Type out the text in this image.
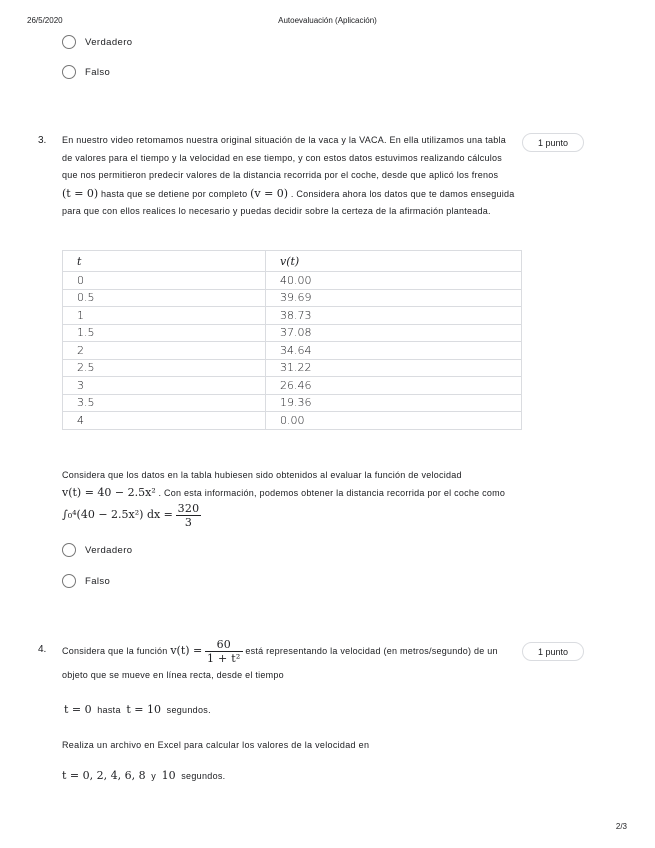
26/5/2020	Autoevaluación (Aplicación)
Verdadero
Falso
3.	1 punto
En nuestro video retomamos nuestra original situación de la vaca y la VACA. En ella utilizamos una tabla de valores para el tiempo y la velocidad en ese tiempo, y con estos datos estuvimos realizando cálculos que nos permitieron predecir valores de la distancia recorrida por el coche, desde que aplicó los frenos (t = 0) hasta que se detiene por completo (v = 0) . Considera ahora los datos que te damos enseguida para que con ellos realices lo necesario y puedas decidir sobre la certeza de la afirmación planteada.
t	v(t)
0	40.00
0.5	39.69
1	38.73
1.5	37.08
2	34.64
2.5	31.22
3	26.46
3.5	19.36
4	0.00
Considera que los datos en la tabla hubiesen sido obtenidos al evaluar la función de velocidad v(t) = 40 − 2.5x² . Con esta información, podemos obtener la distancia recorrida por el coche como ∫₀⁴(40 − 2.5x²) dx = $\frac{320}{3}$
Verdadero
Falso
4.	1 punto
Considera que la función $v(t) = \frac{60}{\text{1 + t²}}$ está representando la velocidad (en metros/segundo) de un objeto que se mueve en línea recta, desde el tiempo
t = 0 hasta t = 10 segundos.
Realiza un archivo en Excel para calcular los valores de la velocidad en
t = 0, 2, 4, 6, 8 y 10 segundos.
2/3
